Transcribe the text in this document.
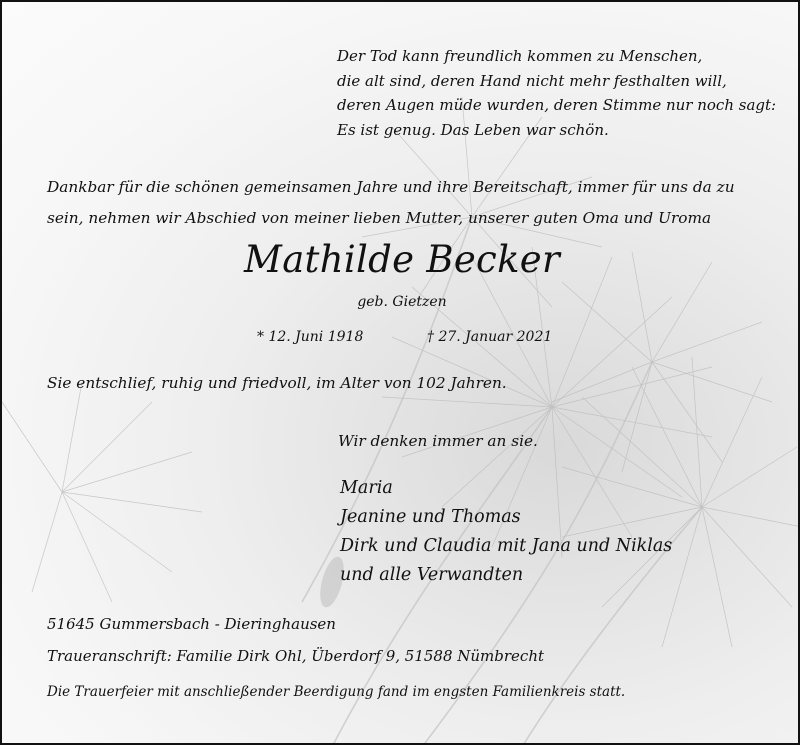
Der Tod kann freundlich kommen zu Menschen,
die alt sind, deren Hand nicht mehr festhalten will,
deren Augen müde wurden, deren Stimme nur noch sagt:
Es ist genug. Das Leben war schön.
Dankbar für die schönen gemeinsamen Jahre und ihre Bereitschaft, immer für uns da zu
sein, nehmen wir Abschied von meiner lieben Mutter, unserer guten Oma und Uroma
Mathilde Becker
geb. Gietzen
* 12. Juni 1918	† 27. Januar 2021
Sie entschlief, ruhig und friedvoll, im Alter von 102 Jahren.
Wir denken immer an sie.
Maria
Jeanine und Thomas
Dirk und Claudia mit Jana und Niklas
und alle Verwandten
51645 Gummersbach - Dieringhausen
Traueranschrift: Familie Dirk Ohl, Überdorf 9, 51588 Nümbrecht
Die Trauerfeier mit anschließender Beerdigung fand im engsten Familienkreis statt.
